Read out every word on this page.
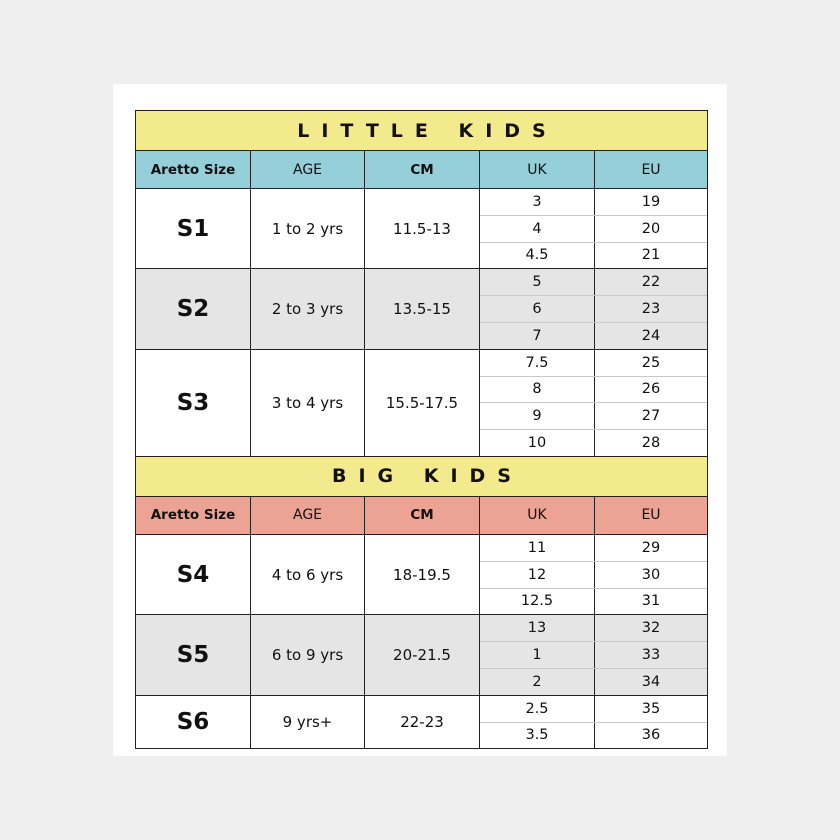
LITTLE KIDS
Aretto Size	AGE	CM	UK	EU
S1	1 to 2 yrs	11.5-13
3	19
4	20
4.5	21
S2	2 to 3 yrs	13.5-15
5	22
6	23
7	24
S3	3 to 4 yrs	15.5-17.5
7.5	25
8	26
9	27
10	28
BIG KIDS
Aretto Size	AGE	CM	UK	EU
S4	4 to 6 yrs	18-19.5
11	29
12	30
12.5	31
S5	6 to 9 yrs	20-21.5
13	32
1	33
2	34
S6	9 yrs+	22-23
2.5	35
3.5	36
